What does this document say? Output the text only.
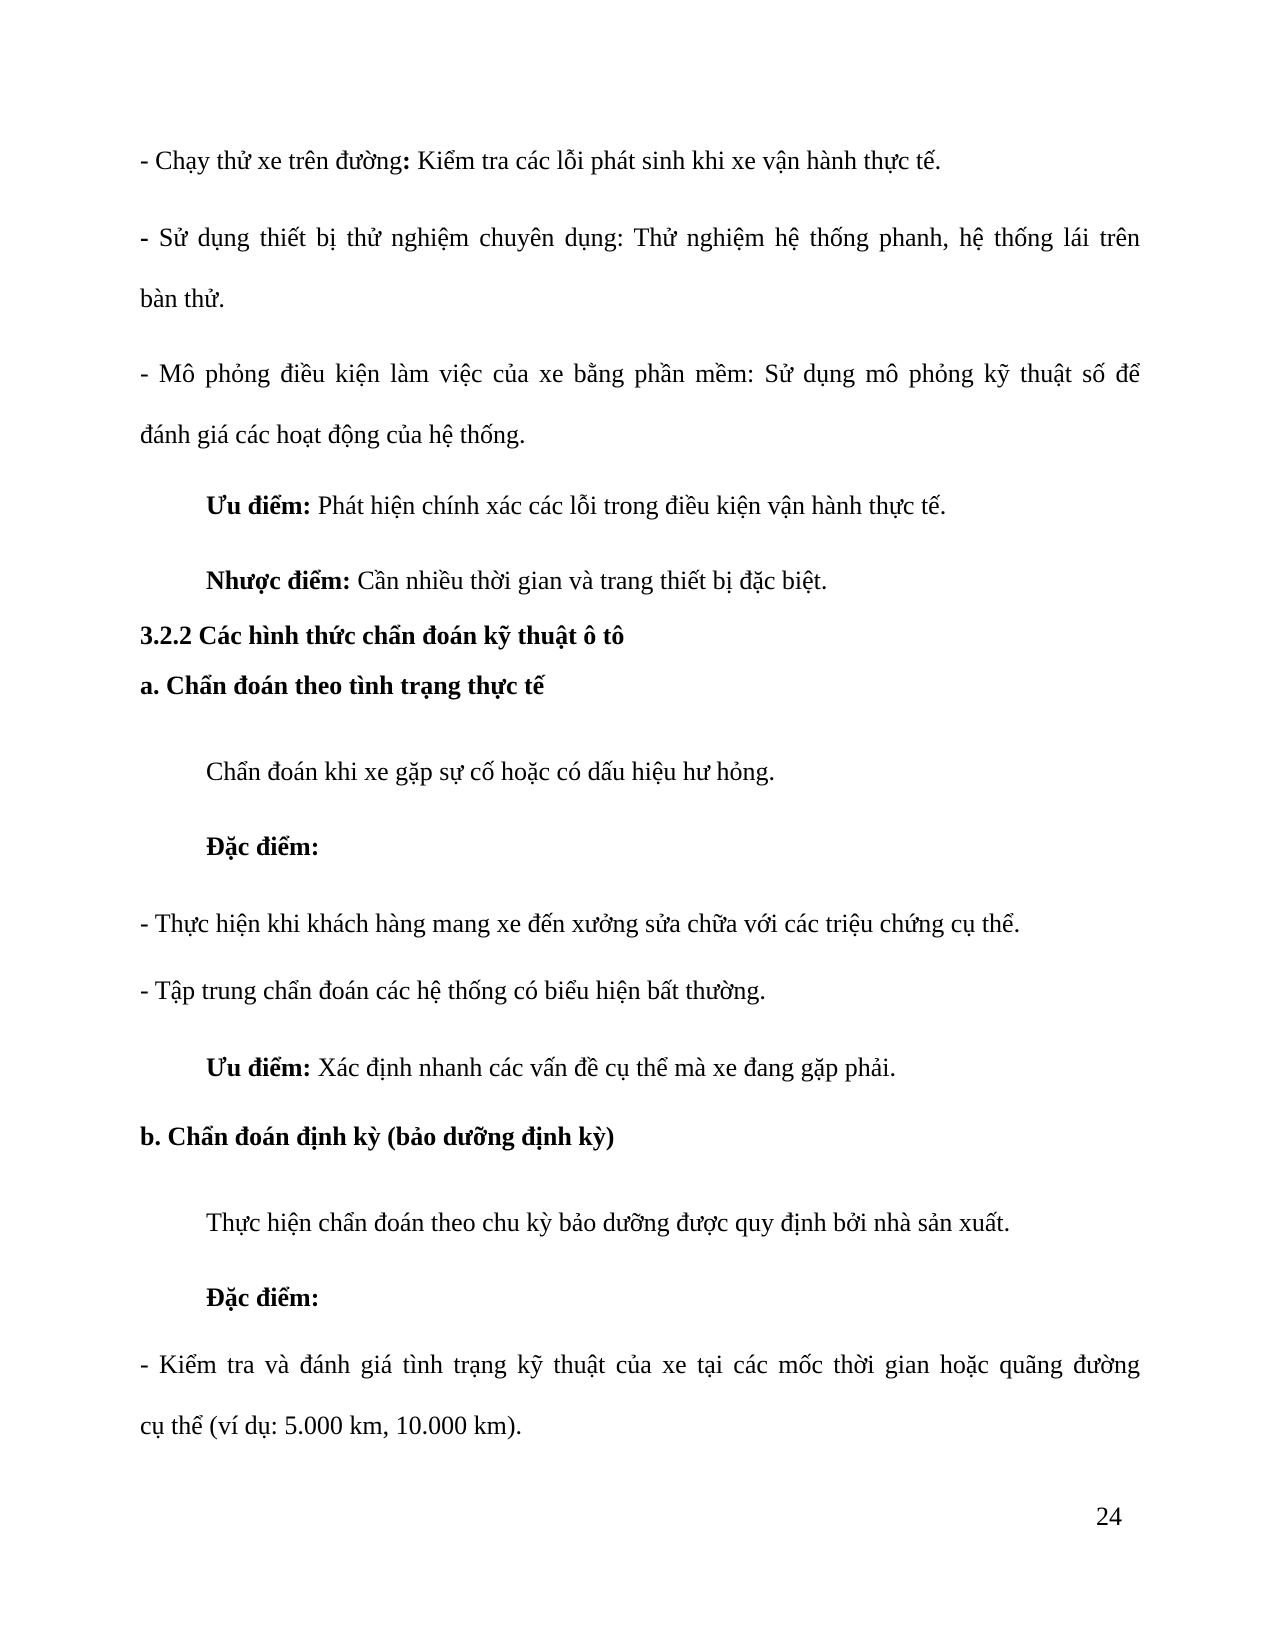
- Chạy thử xe trên đường: Kiểm tra các lỗi phát sinh khi xe vận hành thực tế.
- Sử dụng thiết bị thử nghiệm chuyên dụng: Thử nghiệm hệ thống phanh, hệ thống lái trên
bàn thử.
- Mô phỏng điều kiện làm việc của xe bằng phần mềm: Sử dụng mô phỏng kỹ thuật số để
đánh giá các hoạt động của hệ thống.
Ưu điểm: Phát hiện chính xác các lỗi trong điều kiện vận hành thực tế.
Nhược điểm: Cần nhiều thời gian và trang thiết bị đặc biệt.
3.2.2 Các hình thức chẩn đoán kỹ thuật ô tô
a. Chẩn đoán theo tình trạng thực tế
Chẩn đoán khi xe gặp sự cố hoặc có dấu hiệu hư hỏng.
Đặc điểm:
- Thực hiện khi khách hàng mang xe đến xưởng sửa chữa với các triệu chứng cụ thể.
- Tập trung chẩn đoán các hệ thống có biểu hiện bất thường.
Ưu điểm: Xác định nhanh các vấn đề cụ thể mà xe đang gặp phải.
b. Chẩn đoán định kỳ (bảo dưỡng định kỳ)
Thực hiện chẩn đoán theo chu kỳ bảo dưỡng được quy định bởi nhà sản xuất.
Đặc điểm:
- Kiểm tra và đánh giá tình trạng kỹ thuật của xe tại các mốc thời gian hoặc quãng đường
cụ thể (ví dụ: 5.000 km, 10.000 km).
24
